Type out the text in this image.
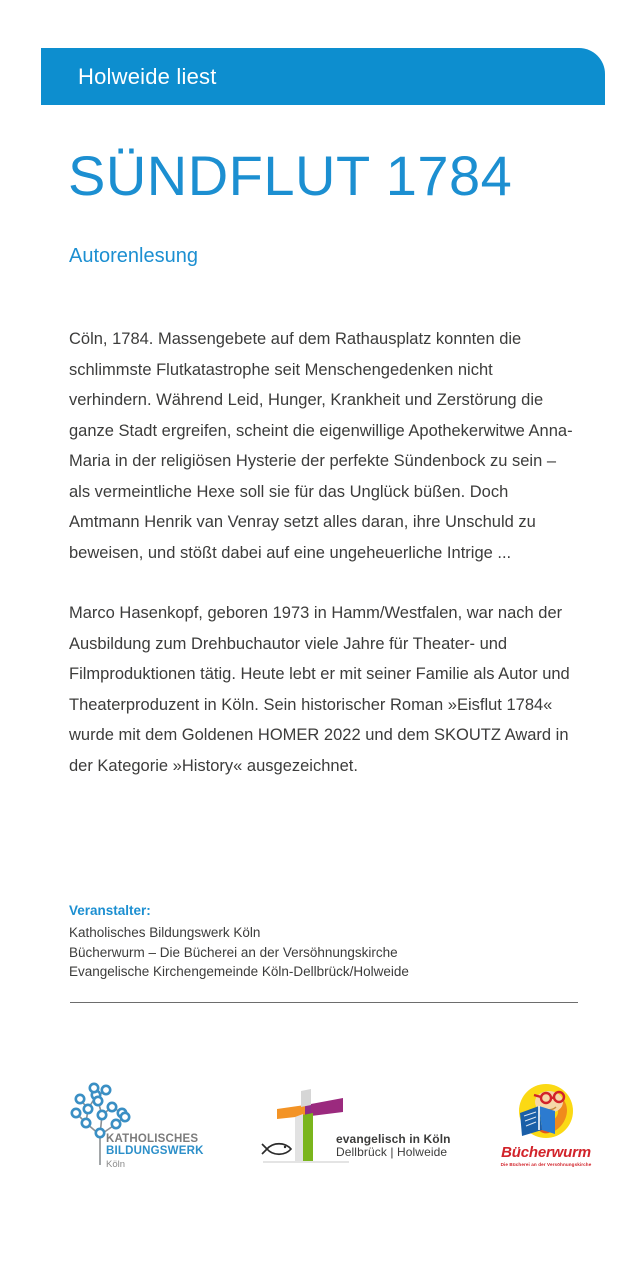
Holweide liest
SÜNDFLUT 1784
Autorenlesung

Cöln, 1784. Massengebete auf dem Rathausplatz konnten die schlimmste Flutkatastrophe seit Menschengedenken nicht verhindern. Während Leid, Hunger, Krankheit und Zerstörung die ganze Stadt ergreifen, scheint die eigenwillige Apothekerwitwe Anna-Maria in der religiösen Hysterie der perfekte Sündenbock zu sein – als vermeintliche Hexe soll sie für das Unglück büßen. Doch Amtmann Henrik van Venray setzt alles daran, ihre Unschuld zu beweisen, und stößt dabei auf eine ungeheuerliche Intrige ...

Marco Hasenkopf, geboren 1973 in Hamm/Westfalen, war nach der Ausbildung zum Drehbuchautor viele Jahre für Theater- und Filmproduktionen tätig. Heute lebt er mit seiner Familie als Autor und Theaterproduzent in Köln. Sein historischer Roman »Eisflut 1784« wurde mit dem Goldenen HOMER 2022 und dem SKOUTZ Award in der Kategorie »History« ausgezeichnet.

Veranstalter:
Katholisches Bildungswerk Köln
Bücherwurm – Die Bücherei an der Versöhnungskirche
Evangelische Kirchengemeinde Köln-Dellbrück/Holweide
KATHOLISCHES
BILDUNGSWERK
Köln
evangelisch in Köln
Dellbrück | Holweide	Bücherwurm
Die Bücherei an der Versöhnungskirche
